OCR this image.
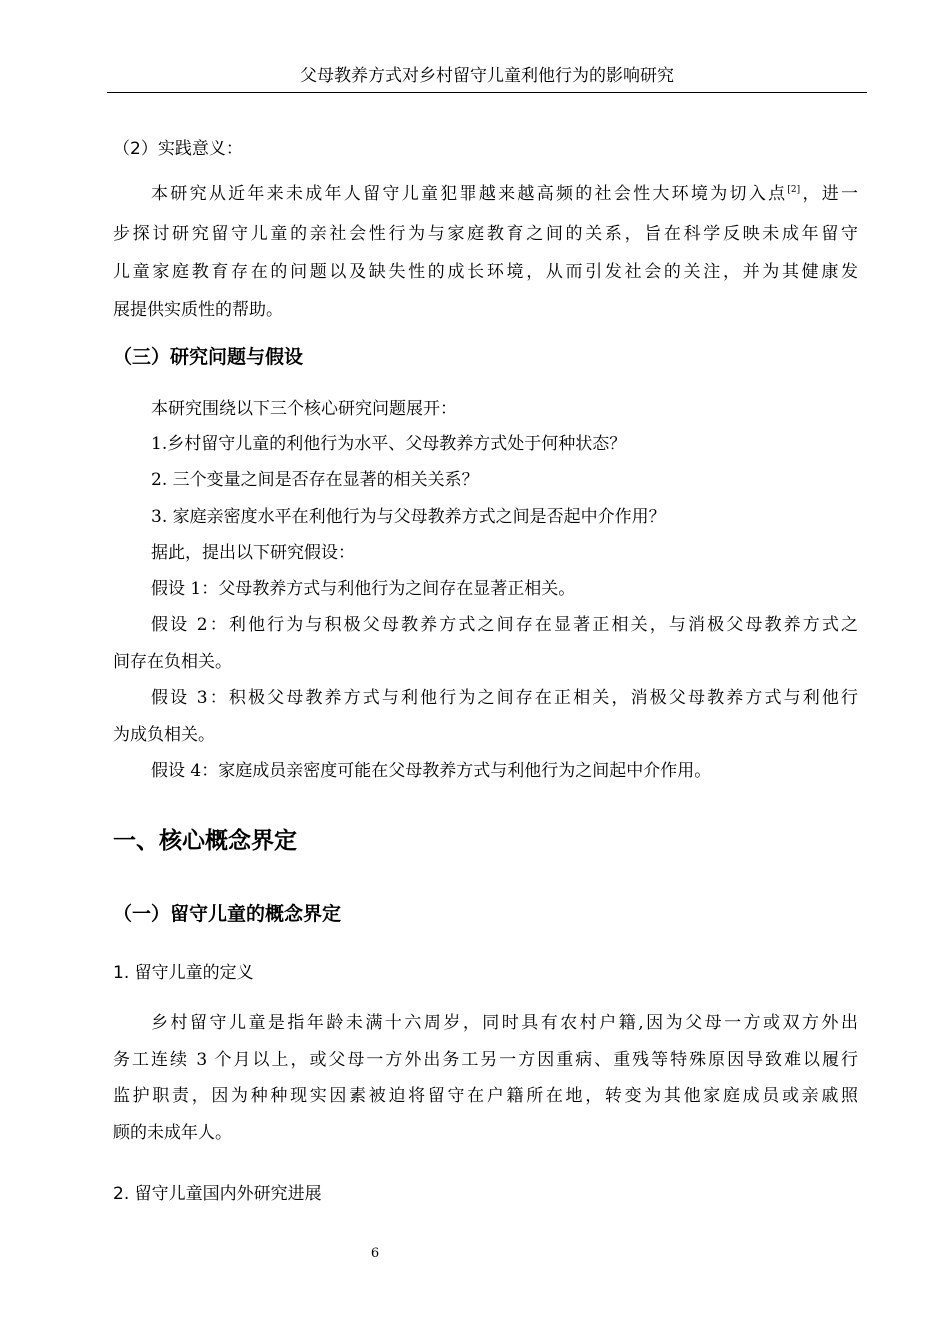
父母教养方式对乡村留守儿童利他行为的影响研究
（2）实践意义：
本研究从近年来未成年人留守儿童犯罪越来越高频的社会性大环境为切入点[2]，进一
步探讨研究留守儿童的亲社会性行为与家庭教育之间的关系，旨在科学反映未成年留守
儿童家庭教育存在的问题以及缺失性的成长环境，从而引发社会的关注，并为其健康发
展提供实质性的帮助。
（三）研究问题与假设
本研究围绕以下三个核心研究问题展开：
1.乡村留守儿童的利他行为水平、父母教养方式处于何种状态？
2. 三个变量之间是否存在显著的相关关系？
3. 家庭亲密度水平在利他行为与父母教养方式之间是否起中介作用？
据此，提出以下研究假设：
假设 1：父母教养方式与利他行为之间存在显著正相关。
假设 2：利他行为与积极父母教养方式之间存在显著正相关，与消极父母教养方式之
间存在负相关。
假设 3：积极父母教养方式与利他行为之间存在正相关，消极父母教养方式与利他行
为成负相关。
假设 4：家庭成员亲密度可能在父母教养方式与利他行为之间起中介作用。
一、核心概念界定
（一）留守儿童的概念界定
1. 留守儿童的定义
乡村留守儿童是指年龄未满十六周岁，同时具有农村户籍,因为父母一方或双方外出
务工连续 3 个月以上，或父母一方外出务工另一方因重病、重残等特殊原因导致难以履行
监护职责，因为种种现实因素被迫将留守在户籍所在地，转变为其他家庭成员或亲戚照
顾的未成年人。
2. 留守儿童国内外研究进展
6
